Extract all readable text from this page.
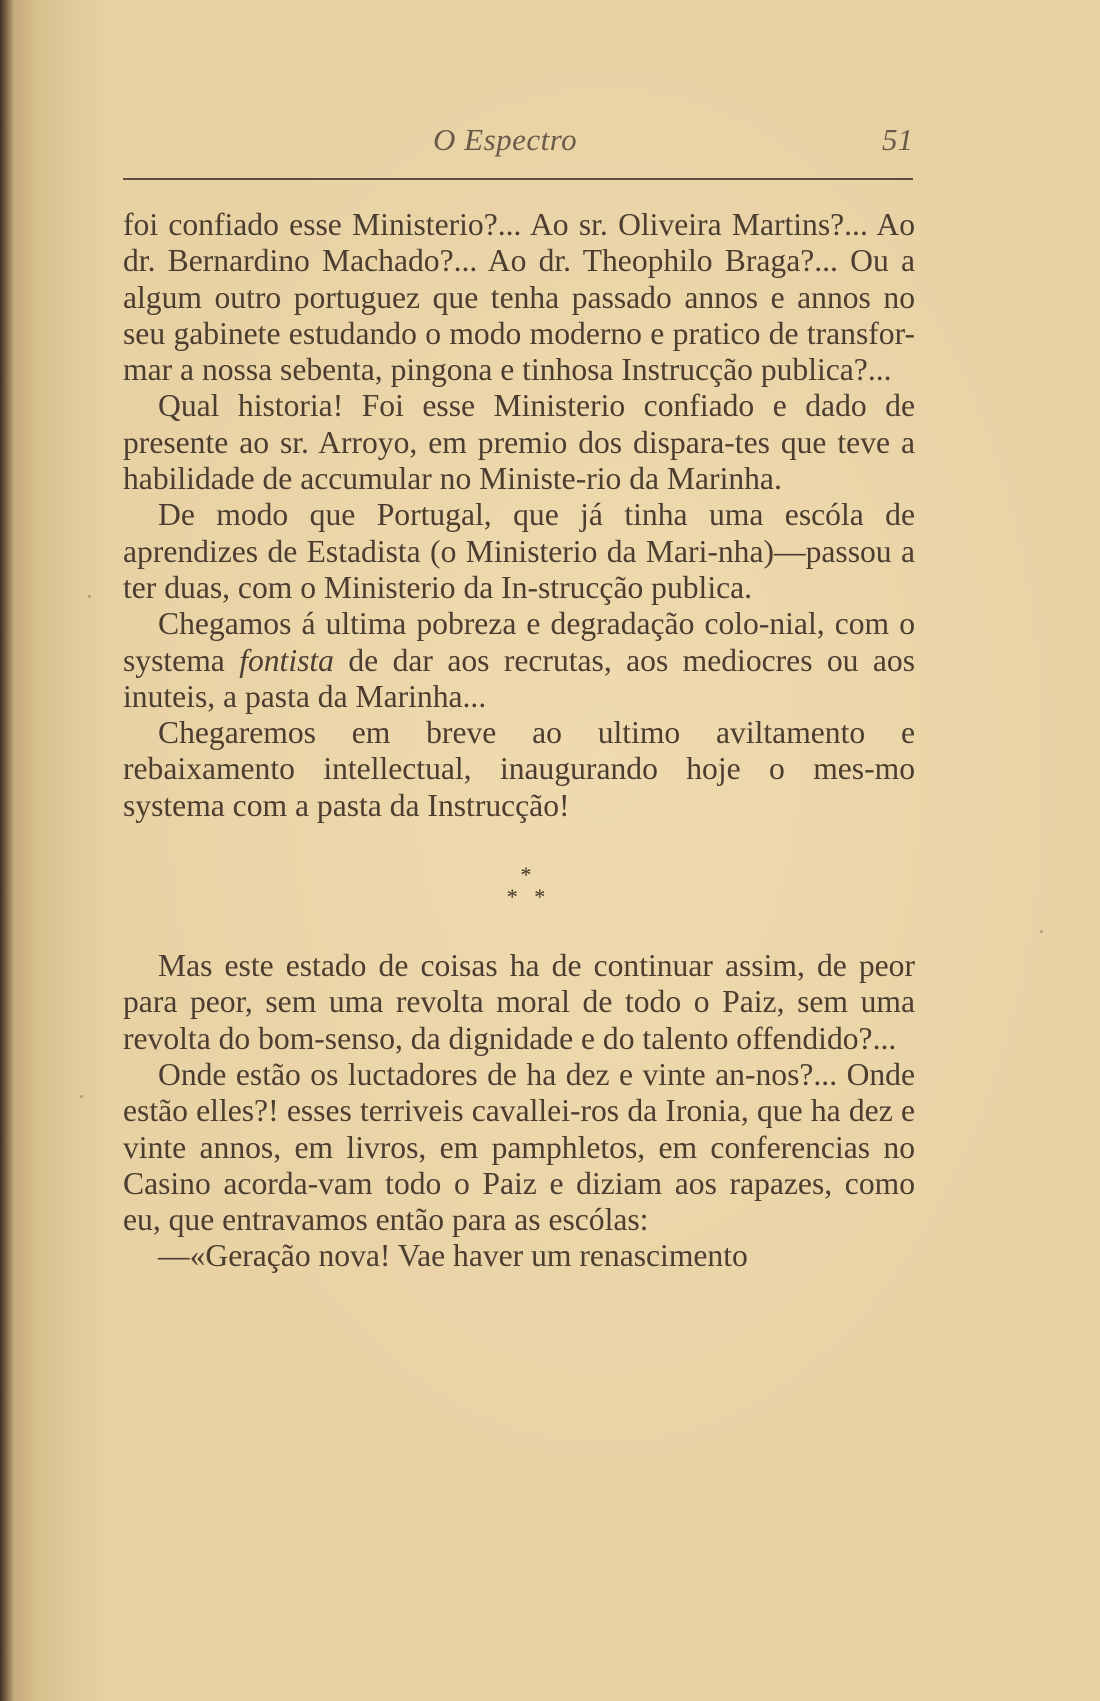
O Espectro	51

foi confiado esse Ministerio?... Ao sr. Oliveira Martins?... Ao dr. Bernardino Machado?... Ao dr. Theophilo Braga?... Ou a algum outro portuguez que tenha passado annos e annos no seu gabinete estudando o modo moderno e pratico de transfor-mar a nossa sebenta, pingona e tinhosa Instrucção publica?...

Qual historia! Foi esse Ministerio confiado e dado de presente ao sr. Arroyo, em premio dos dispara-tes que teve a habilidade de accumular no Ministe-rio da Marinha.

De modo que Portugal, que já tinha uma escóla de aprendizes de Estadista (o Ministerio da Mari-nha)—passou a ter duas, com o Ministerio da In-strucção publica.

Chegamos á ultima pobreza e degradação colo-nial, com o systema fontista de dar aos recrutas, aos mediocres ou aos inuteis, a pasta da Marinha...

Chegaremos em breve ao ultimo aviltamento e rebaixamento intellectual, inaugurando hoje o mes-mo systema com a pasta da Instrucção!

*
*   *

Mas este estado de coisas ha de continuar assim, de peor para peor, sem uma revolta moral de todo o Paiz, sem uma revolta do bom-senso, da dignidade e do talento offendido?...

Onde estão os luctadores de ha dez e vinte an-nos?... Onde estão elles?! esses terriveis cavallei-ros da Ironia, que ha dez e vinte annos, em livros, em pamphletos, em conferencias no Casino acorda-vam todo o Paiz e diziam aos rapazes, como eu, que entravamos então para as escólas:

—«Geração nova! Vae haver um renascimento
